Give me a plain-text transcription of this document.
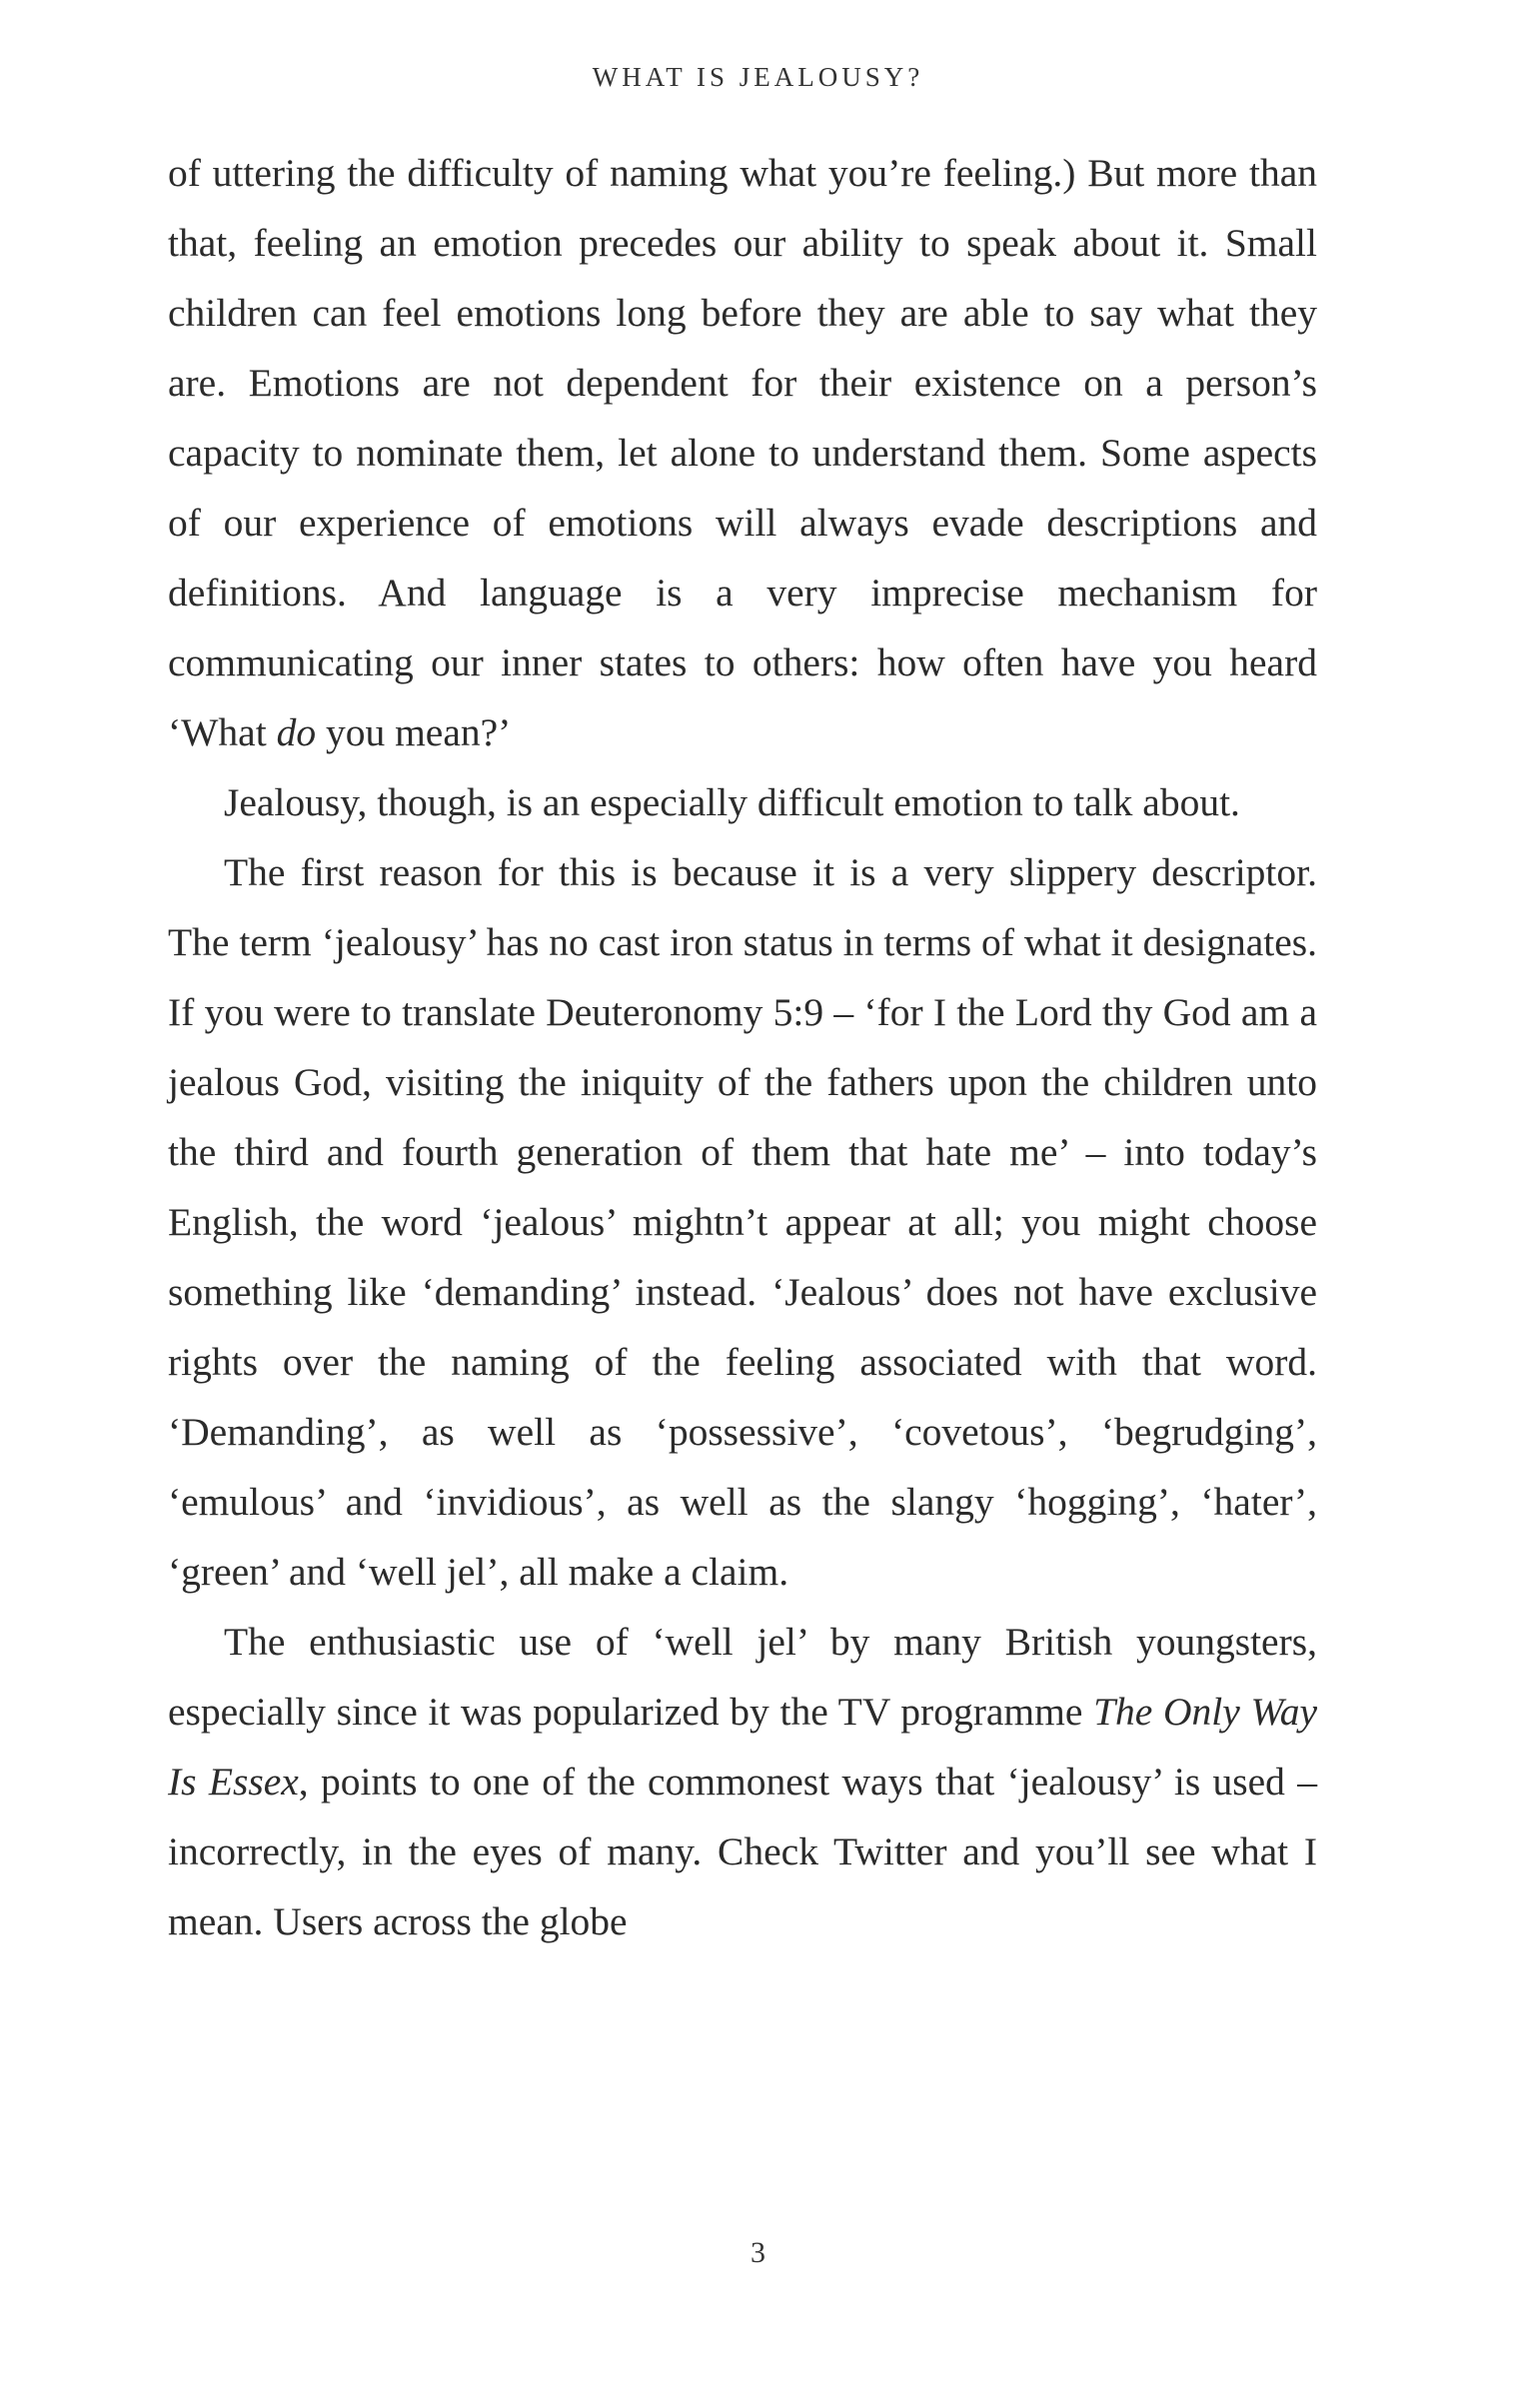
WHAT IS JEALOUSY?

of uttering the difficulty of naming what you’re feeling.) But more than that, feeling an emotion precedes our ability to speak about it. Small children can feel emotions long before they are able to say what they are. Emotions are not dependent for their existence on a person’s capacity to nominate them, let alone to understand them. Some aspects of our experience of emotions will always evade descriptions and definitions. And language is a very imprecise mechanism for communicating our inner states to others: how often have you heard ‘What do you mean?’

Jealousy, though, is an especially difficult emotion to talk about.

The first reason for this is because it is a very slippery descriptor. The term ‘jealousy’ has no cast iron status in terms of what it designates. If you were to translate Deuteronomy 5:9 – ‘for I the Lord thy God am a jealous God, visiting the iniquity of the fathers upon the children unto the third and fourth generation of them that hate me’ – into today’s English, the word ‘jealous’ mightn’t appear at all; you might choose something like ‘demanding’ instead. ‘Jealous’ does not have exclusive rights over the naming of the feeling associated with that word. ‘Demanding’, as well as ‘possessive’, ‘covetous’, ‘begrudging’, ‘emulous’ and ‘invidious’, as well as the slangy ‘hogging’, ‘hater’, ‘green’ and ‘well jel’, all make a claim.

The enthusiastic use of ‘well jel’ by many British youngsters, especially since it was popularized by the TV programme The Only Way Is Essex, points to one of the commonest ways that ‘jealousy’ is used – incorrectly, in the eyes of many. Check Twitter and you’ll see what I mean. Users across the globe

3
